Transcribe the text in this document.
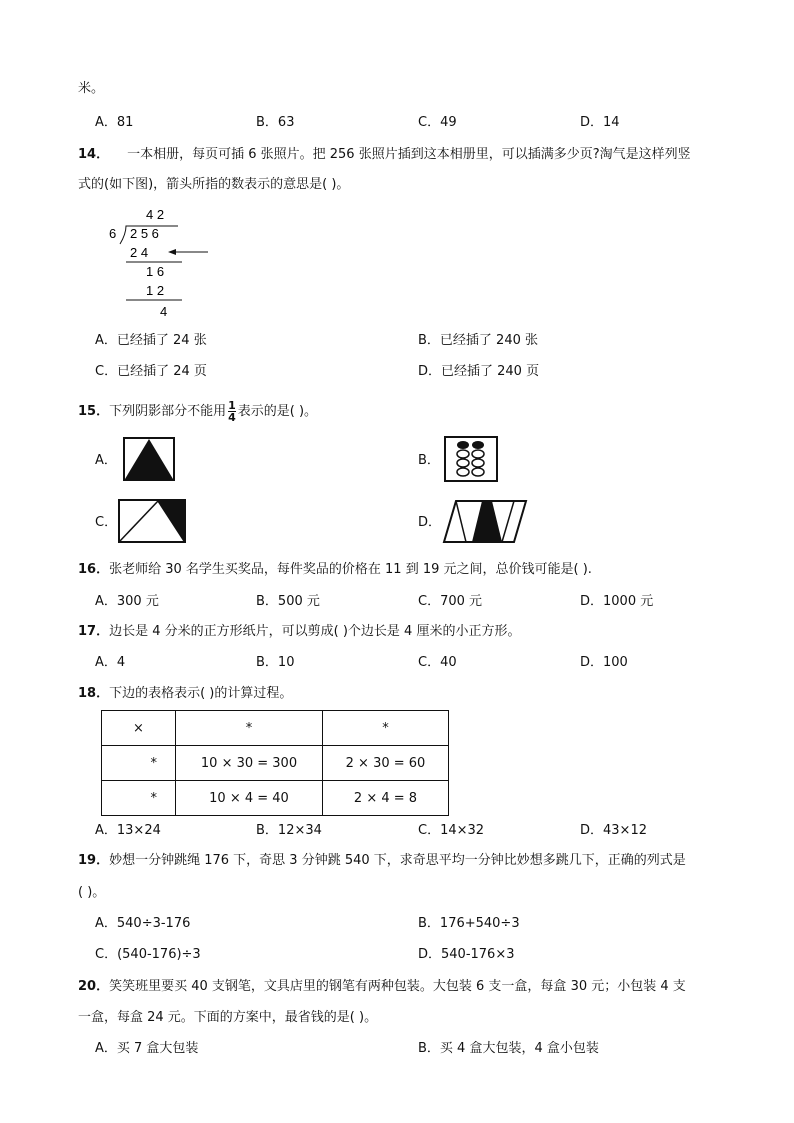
米。
A．81	B．63	C．49	D．14
14． 一本相册，每页可插 6 张照片。把 256 张照片插到这本相册里，可以插满多少页?淘气是这样列竖
式的(如下图)，箭头所指的数表示的意思是( )。
4 2
6 2 5 6
2 4
1 6
1 2
4
A．已经插了 24 张	B．已经插了 240 张
C．已经插了 24 页	D．已经插了 240 页
15．下列阴影部分不能用 $\frac{1}{4}$ 表示的是( )。
A．	B．
C．	D．
16．张老师给 30 名学生买奖品，每件奖品的价格在 11 到 19 元之间，总价钱可能是( ).
A．300 元	B．500 元	C．700 元	D．1000 元
17．边长是 4 分米的正方形纸片，可以剪成( )个边长是 4 厘米的小正方形。
A．4	B．10	C．40	D．100
18．下边的表格表示( )的计算过程。
×	*	*
*	10 × 30 = 300	2 × 30 = 60
*	10 × 4 = 40	2 × 4 = 8
A．13×24	B．12×34	C．14×32	D．43×12
19．妙想一分钟跳绳 176 下，奇思 3 分钟跳 540 下，求奇思平均一分钟比妙想多跳几下，正确的列式是
( )。
A．540÷3-176	B．176+540÷3
C．(540-176)÷3	D．540-176×3
20．笑笑班里要买 40 支钢笔，文具店里的钢笔有两种包装。大包装 6 支一盒，每盒 30 元；小包装 4 支
一盒，每盒 24 元。下面的方案中，最省钱的是( )。
A．买 7 盒大包装	B．买 4 盒大包装，4 盒小包装
